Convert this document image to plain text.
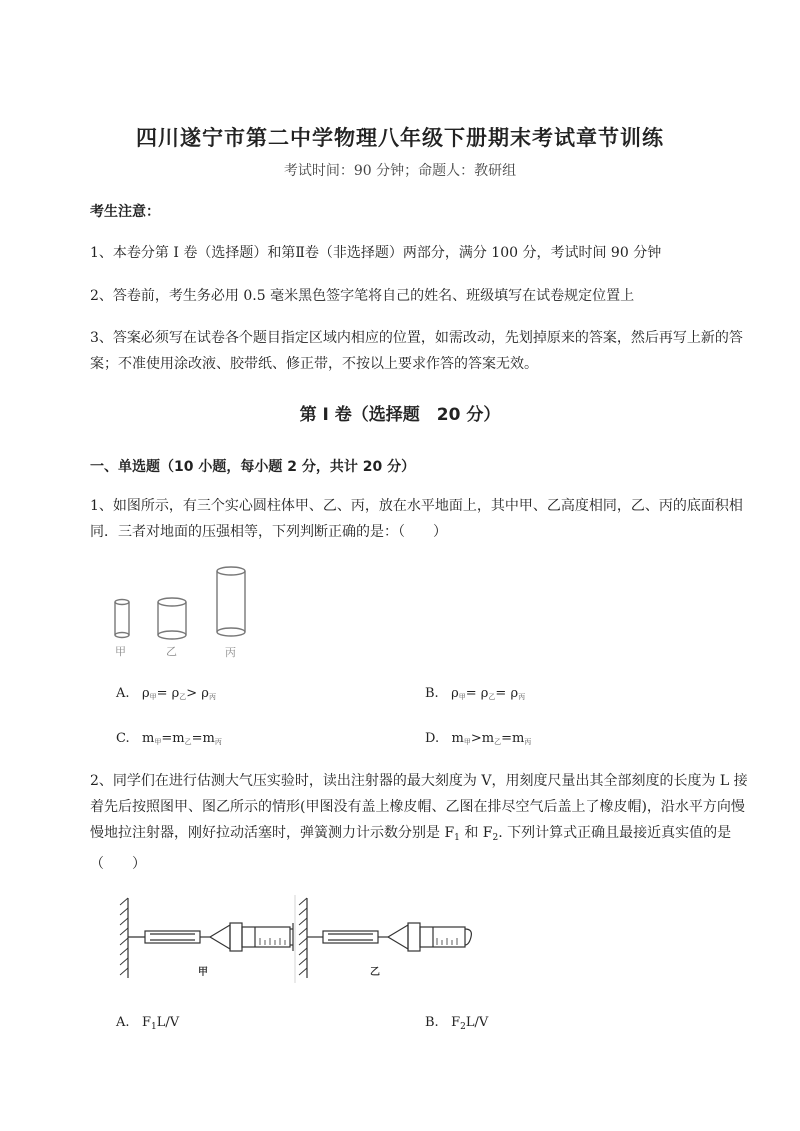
四川遂宁市第二中学物理八年级下册期末考试章节训练
考试时间：90 分钟；命题人：教研组
考生注意：
1、本卷分第 I 卷（选择题）和第Ⅱ卷（非选择题）两部分，满分 100 分，考试时间 90 分钟
2、答卷前，考生务必用 0.5 毫米黑色签字笔将自己的姓名、班级填写在试卷规定位置上
3、答案必须写在试卷各个题目指定区域内相应的位置，如需改动，先划掉原来的答案，然后再写上新的答案；不准使用涂改液、胶带纸、修正带，不按以上要求作答的答案无效。
第 I 卷（选择题　20 分）
一、单选题（10 小题，每小题 2 分，共计 20 分）
1、如图所示，有三个实心圆柱体甲、乙、丙，放在水平地面上，其中甲、乙高度相同，乙、丙的底面积相同．三者对地面的压强相等，下列判断正确的是：（　　）
甲	乙	丙
A. $\rho_甲= \rho_乙> \rho_丙$	B. $\rho_甲= \rho_乙= \rho_丙$
C. $m_甲=m_乙=m_丙$	D. $m_甲>m_乙=m_丙$
2、同学们在进行估测大气压实验时，读出注射器的最大刻度为 V，用刻度尺量出其全部刻度的长度为 L 接着先后按照图甲、图乙所示的情形(甲图没有盖上橡皮帽、乙图在排尽空气后盖上了橡皮帽)，沿水平方向慢慢地拉注射器，刚好拉动活塞时，弹簧测力计示数分别是 $F_1$ 和 $F_2$. 下列计算式正确且最接近真实值的是（　　）
甲	乙
A. $F_1L/V$	B. $F_2L/V$
